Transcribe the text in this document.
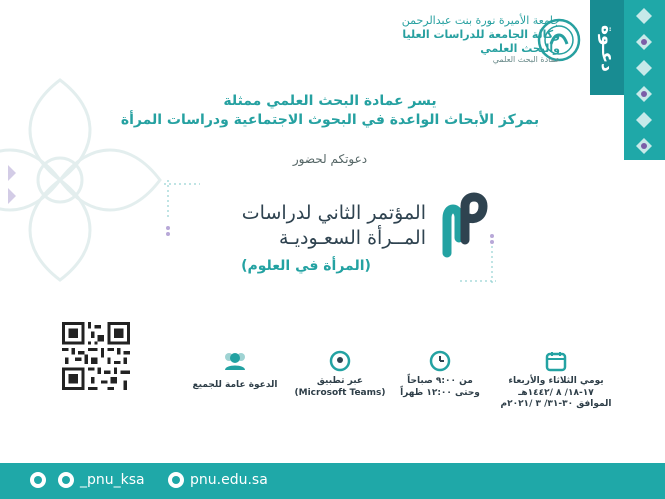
دعـوة
جامعة الأميرة نورة بنت عبدالرحمن
وكالة الجامعة للدراسات العليا
والبحث العلمي
عمادة البحث العلمي
يسر عمادة البحث العلمي ممثلة
بمركز الأبحاث الواعدة في البحوث الاجتماعية ودراسات المرأة
دعوتكم لحضور
المؤتمر الثاني لدراسات
المــرأة السعـوديـة
(المرأة في العلوم)
يومي الثلاثاء والأربعاء
١٧-١٨/ ٨ /١٤٤٢هـ
الموافق ٣٠-٣١/ ٣ /٢٠٢١م
من ٩:٠٠ صباحاً
وحتى ١٢:٠٠ ظهراً
عبر تطبيق
(Microsoft Teams)
الدعوة عامة للجميع
_pnu_ksa	pnu.edu.sa
